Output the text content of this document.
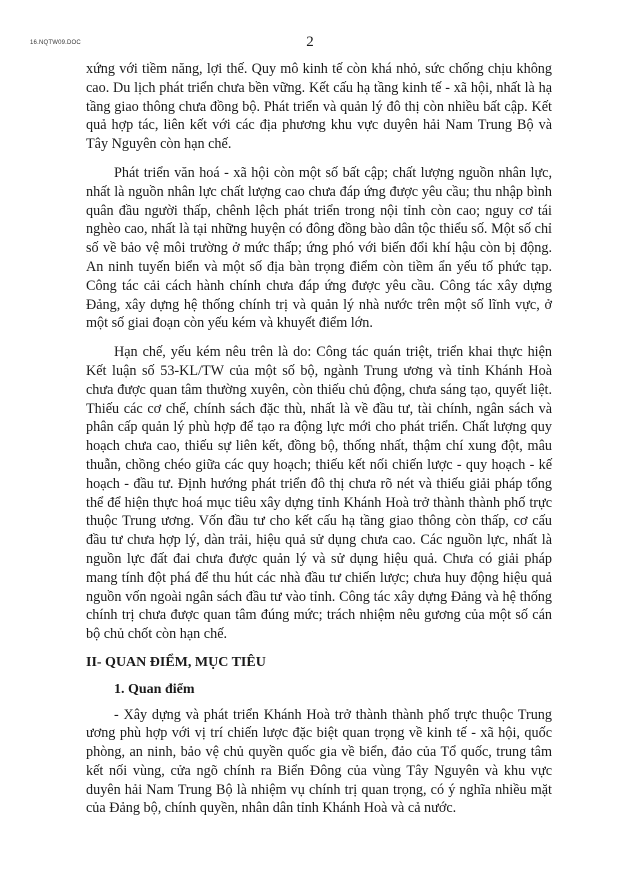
16.NQTW09.DOC	2

xứng với tiềm năng, lợi thế. Quy mô kinh tế còn khá nhỏ, sức chống chịu không cao. Du lịch phát triển chưa bền vững. Kết cấu hạ tầng kinh tế - xã hội, nhất là hạ tầng giao thông chưa đồng bộ. Phát triển và quản lý đô thị còn nhiều bất cập. Kết quả hợp tác, liên kết với các địa phương khu vực duyên hải Nam Trung Bộ và Tây Nguyên còn hạn chế.

Phát triển văn hoá - xã hội còn một số bất cập; chất lượng nguồn nhân lực, nhất là nguồn nhân lực chất lượng cao chưa đáp ứng được yêu cầu; thu nhập bình quân đầu người thấp, chênh lệch phát triển trong nội tỉnh còn cao; nguy cơ tái nghèo cao, nhất là tại những huyện có đông đồng bào dân tộc thiểu số. Một số chỉ số về bảo vệ môi trường ở mức thấp; ứng phó với biến đổi khí hậu còn bị động. An ninh tuyến biển và một số địa bàn trọng điểm còn tiềm ẩn yếu tố phức tạp. Công tác cải cách hành chính chưa đáp ứng được yêu cầu. Công tác xây dựng Đảng, xây dựng hệ thống chính trị và quản lý nhà nước trên một số lĩnh vực, ở một số giai đoạn còn yếu kém và khuyết điểm lớn.

Hạn chế, yếu kém nêu trên là do: Công tác quán triệt, triển khai thực hiện Kết luận số 53-KL/TW của một số bộ, ngành Trung ương và tỉnh Khánh Hoà chưa được quan tâm thường xuyên, còn thiếu chủ động, chưa sáng tạo, quyết liệt. Thiếu các cơ chế, chính sách đặc thù, nhất là về đầu tư, tài chính, ngân sách và phân cấp quản lý phù hợp để tạo ra động lực mới cho phát triển. Chất lượng quy hoạch chưa cao, thiếu sự liên kết, đồng bộ, thống nhất, thậm chí xung đột, mâu thuẫn, chồng chéo giữa các quy hoạch; thiếu kết nối chiến lược - quy hoạch - kế hoạch - đầu tư. Định hướng phát triển đô thị chưa rõ nét và thiếu giải pháp tổng thể để hiện thực hoá mục tiêu xây dựng tỉnh Khánh Hoà trở thành thành phố trực thuộc Trung ương. Vốn đầu tư cho kết cấu hạ tầng giao thông còn thấp, cơ cấu đầu tư chưa hợp lý, dàn trải, hiệu quả sử dụng chưa cao. Các nguồn lực, nhất là nguồn lực đất đai chưa được quản lý và sử dụng hiệu quả. Chưa có giải pháp mang tính đột phá để thu hút các nhà đầu tư chiến lược; chưa huy động hiệu quả nguồn vốn ngoài ngân sách đầu tư vào tỉnh. Công tác xây dựng Đảng và hệ thống chính trị chưa được quan tâm đúng mức; trách nhiệm nêu gương của một số cán bộ chủ chốt còn hạn chế.

II- QUAN ĐIỂM, MỤC TIÊU

1. Quan điểm

- Xây dựng và phát triển Khánh Hoà trở thành thành phố trực thuộc Trung ương phù hợp với vị trí chiến lược đặc biệt quan trọng về kinh tế - xã hội, quốc phòng, an ninh, bảo vệ chủ quyền quốc gia về biển, đảo của Tổ quốc, trung tâm kết nối vùng, cửa ngõ chính ra Biển Đông của vùng Tây Nguyên và khu vực duyên hải Nam Trung Bộ là nhiệm vụ chính trị quan trọng, có ý nghĩa nhiều mặt của Đảng bộ, chính quyền, nhân dân tỉnh Khánh Hoà và cả nước.
